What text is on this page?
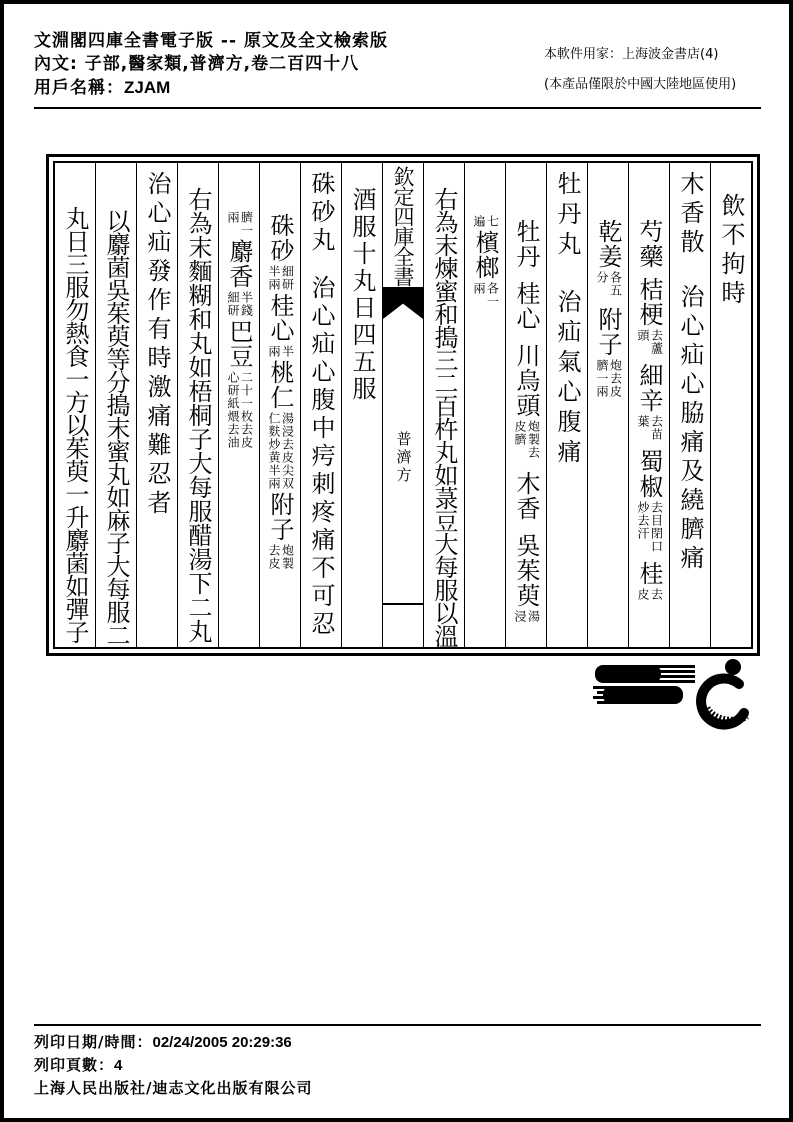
文淵閣四庫全書電子版 -- 原文及全文檢索版
內文: 子部,醫家類,普濟方,卷二百四十八
用戶名稱：ZJAM
本軟件用家：上海波金書店(4)
(本產品僅限於中國大陸地區使用)
飲不拘時
木香散治心疝心脇痛及繞臍痛
芍藥桔梗
去蘆
頭
細辛
去苗
葉
蜀椒
去目閉口
炒去汗
桂
去
皮
乾姜
各五
分
附子
炮去皮
臍一兩
牡丹丸治疝氣心腹痛
牡丹桂心川烏頭
炮製去
皮臍
木香吳茱萸
湯
浸
七
遍
檳榔
各一
兩
右為末煉蜜和搗三二百杵丸如菉豆大每服以溫
欽定四庫全書
普濟方
酒服十丸日四五服
硃砂丸治心疝心腹中疞刺疼痛不可忍
硃砂
細研
半兩
桂心
半
兩
桃仁
湯浸去皮尖双
仁麩炒黄半兩
附子
炮製
去皮
臍一
兩
麝香
半錢
細研
巴豆
二十一枚去皮
心研紙煨去油
右為末麵糊和丸如梧桐子大每服醋湯下二丸
治心疝發作有時激痛難忍者
以麝菌吳茱萸等分搗末蜜丸如麻子大每服二
丸日三服勿熱食一方以茱萸一升麝菌如彈子
列印日期/時間：02/24/2005 20:29:36
列印頁數：4
上海人民出版社/迪志文化出版有限公司
